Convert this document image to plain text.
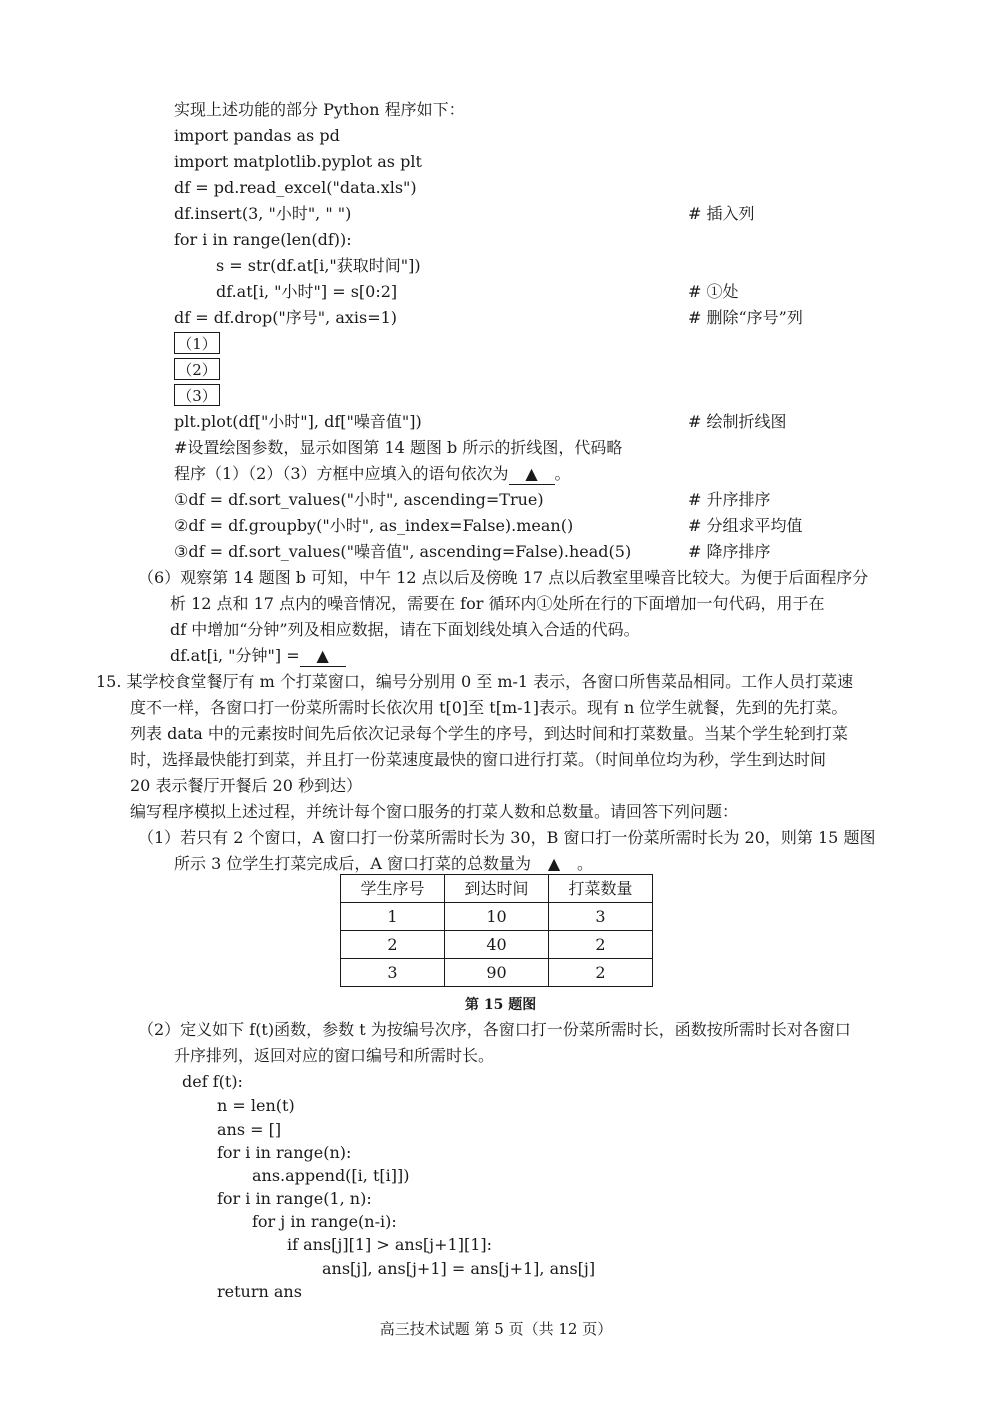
实现上述功能的部分 Python 程序如下：
import pandas as pd
import matplotlib.pyplot as plt
df = pd.read_excel("data.xls")
df.insert(3, "小时", " ")	# 插入列
for i in range(len(df)):
s = str(df.at[i,"获取时间"])
df.at[i, "小时"] = s[0:2]	# ①处
df = df.drop("序号", axis=1)	# 删除“序号”列
（1）
（2）
（3）
plt.plot(df["小时"], df["噪音值"])	# 绘制折线图
#设置绘图参数，显示如图第 14 题图 b 所示的折线图，代码略
程序（1）（2）（3）方框中应填入的语句依次为 ▲ 。
①df = df.sort_values("小时", ascending=True)	# 升序排序
②df = df.groupby("小时", as_index=False).mean()	# 分组求平均值
③df = df.sort_values("噪音值", ascending=False).head(5)	# 降序排序
（6）观察第 14 题图 b 可知，中午 12 点以后及傍晚 17 点以后教室里噪音比较大。为便于后面程序分
析 12 点和 17 点内的噪音情况，需要在 for 循环内①处所在行的下面增加一句代码，用于在
df 中增加“分钟”列及相应数据，请在下面划线处填入合适的代码。
df.at[i, "分钟"] = ▲
15. 某学校食堂餐厅有 m 个打菜窗口，编号分别用 0 至 m-1 表示，各窗口所售菜品相同。工作人员打菜速
度不一样，各窗口打一份菜所需时长依次用 t[0]至 t[m-1]表示。现有 n 位学生就餐，先到的先打菜。
列表 data 中的元素按时间先后依次记录每个学生的序号，到达时间和打菜数量。当某个学生轮到打菜
时，选择最快能打到菜，并且打一份菜速度最快的窗口进行打菜。（时间单位均为秒，学生到达时间
20 表示餐厅开餐后 20 秒到达）
编写程序模拟上述过程，并统计每个窗口服务的打菜人数和总数量。请回答下列问题：
（1）若只有 2 个窗口，A 窗口打一份菜所需时长为 30，B 窗口打一份菜所需时长为 20，则第 15 题图
所示 3 位学生打菜完成后，A 窗口打菜的总数量为 ▲ 。
学生序号	到达时间	打菜数量
1	10	3
2	40	2
3	90	2
第 15 题图
（2）定义如下 f(t)函数，参数 t 为按编号次序，各窗口打一份菜所需时长，函数按所需时长对各窗口
升序排列，返回对应的窗口编号和所需时长。
def f(t):
n = len(t)
ans = []
for i in range(n):
ans.append([i, t[i]])
for i in range(1, n):
for j in range(n-i):
if ans[j][1] > ans[j+1][1]:
ans[j], ans[j+1] = ans[j+1], ans[j]
return ans
高三技术试题 第 5 页（共 12 页）
